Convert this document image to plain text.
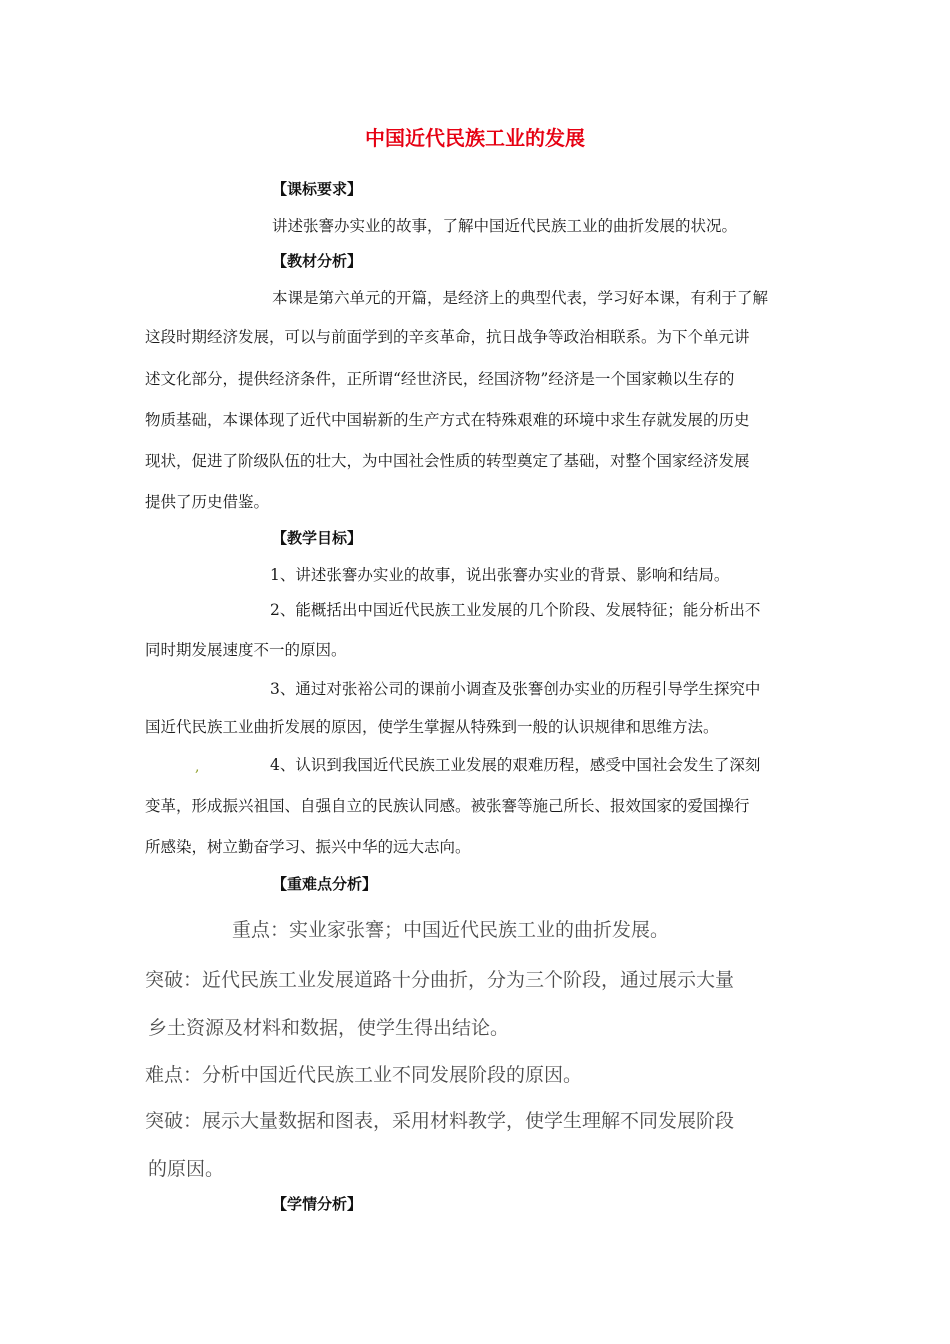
中国近代民族工业的发展
【课标要求】
讲述张謇办实业的故事，了解中国近代民族工业的曲折发展的状况。
【教材分析】
本课是第六单元的开篇，是经济上的典型代表，学习好本课，有利于了解
这段时期经济发展，可以与前面学到的辛亥革命，抗日战争等政治相联系。为下个单元讲
述文化部分，提供经济条件，正所谓“经世济民，经国济物”经济是一个国家赖以生存的
物质基础，本课体现了近代中国崭新的生产方式在特殊艰难的环境中求生存就发展的历史
现状，促进了阶级队伍的壮大，为中国社会性质的转型奠定了基础，对整个国家经济发展
提供了历史借鉴。
【教学目标】
1、讲述张謇办实业的故事，说出张謇办实业的背景、影响和结局。
2、能概括出中国近代民族工业发展的几个阶段、发展特征；能分析出不
同时期发展速度不一的原因。
3、通过对张裕公司的课前小调查及张謇创办实业的历程引导学生探究中
国近代民族工业曲折发展的原因，使学生掌握从特殊到一般的认识规律和思维方法。
,	4、认识到我国近代民族工业发展的艰难历程，感受中国社会发生了深刻
变革，形成振兴祖国、自强自立的民族认同感。被张謇等施己所长、报效国家的爱国操行
所感染，树立勤奋学习、振兴中华的远大志向。
【重难点分析】
重点：实业家张謇；中国近代民族工业的曲折发展。
突破：近代民族工业发展道路十分曲折，分为三个阶段，通过展示大量
乡土资源及材料和数据，使学生得出结论。
难点：分析中国近代民族工业不同发展阶段的原因。
突破：展示大量数据和图表，采用材料教学，使学生理解不同发展阶段
的原因。
【学情分析】
